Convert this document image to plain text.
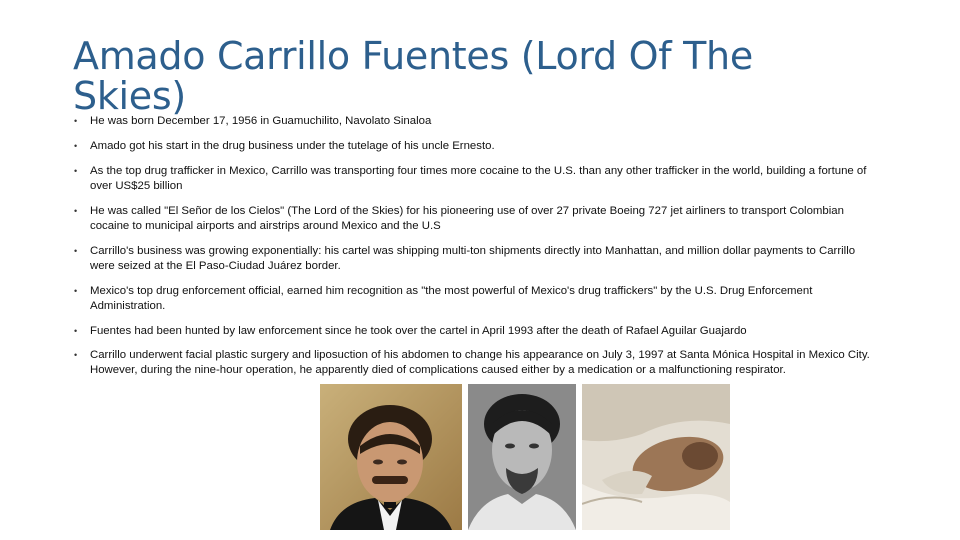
Amado Carrillo Fuentes (Lord Of The Skies)
• He was born December 17, 1956 in Guamuchilito, Navolato Sinaloa
• Amado got his start in the drug business under the tutelage of his uncle Ernesto.
• As the top drug trafficker in Mexico, Carrillo was transporting four times more cocaine to the U.S. than any other trafficker in the world, building a fortune of over US$25 billion
• He was called "El Señor de los Cielos" (The Lord of the Skies) for his pioneering use of over 27 private Boeing 727 jet airliners to transport Colombian cocaine to municipal airports and airstrips around Mexico and the U.S
• Carrillo's business was growing exponentially: his cartel was shipping multi-ton shipments directly into Manhattan, and million dollar payments to Carrillo were seized at the El Paso-Ciudad Juárez border.
• Mexico's top drug enforcement official, earned him recognition as "the most powerful of Mexico's drug traffickers" by the U.S. Drug Enforcement Administration.
• Fuentes had been hunted by law enforcement since he took over the cartel in April 1993 after the death of Rafael Aguilar Guajardo
• Carrillo underwent facial plastic surgery and liposuction of his abdomen to change his appearance on July 3, 1997 at Santa Mónica Hospital in Mexico City. However, during the nine-hour operation, he apparently died of complications caused either by a medication or a malfunctioning respirator.
